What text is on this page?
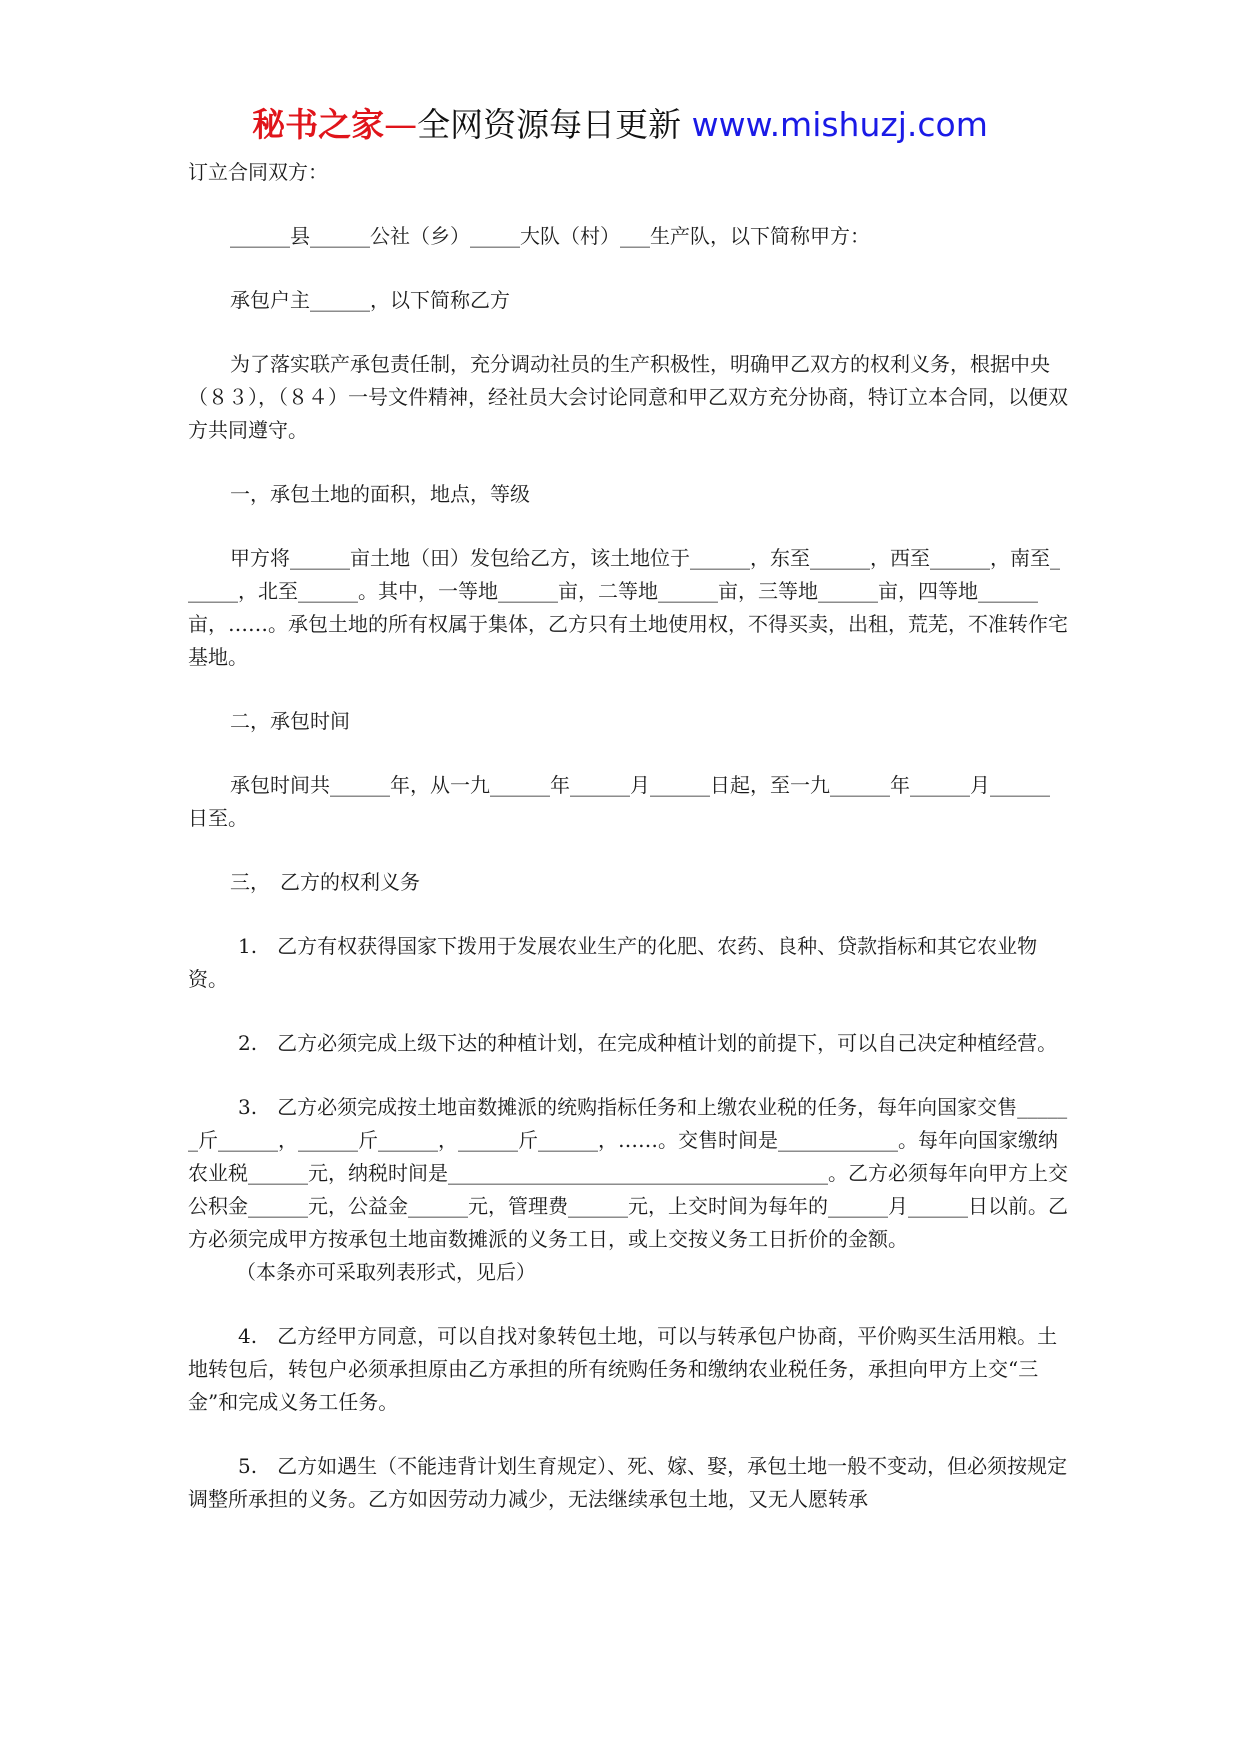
秘书之家—全网资源每日更新 www.mishuzj.com

订立合同双方：

______县______公社（乡）_____大队（村）___生产队，以下简称甲方：

承包户主______，以下简称乙方

为了落实联产承包责任制，充分调动社员的生产积极性，明确甲乙双方的权利义务，根据中央（８３），（８４）一号文件精神，经社员大会讨论同意和甲乙双方充分协商，特订立本合同，以便双方共同遵守。

一，承包土地的面积，地点，等级

甲方将______亩土地（田）发包给乙方，该土地位于______，东至______，西至______，南至______，北至______。其中，一等地______亩，二等地______亩，三等地______亩，四等地______亩，……。承包土地的所有权属于集体，乙方只有土地使用权，不得买卖，出租，荒芜，不准转作宅基地。

二，承包时间

承包时间共______年，从一九______年______月______日起，至一九______年______月______日至。

三，　乙方的权利义务

1.　乙方有权获得国家下拨用于发展农业生产的化肥、农药、良种、贷款指标和其它农业物资。

2.　乙方必须完成上级下达的种植计划，在完成种植计划的前提下，可以自己决定种植经营。

3.　乙方必须完成按土地亩数摊派的统购指标任务和上缴农业税的任务，每年向国家交售______斤______，______斤______，______斤______，……。交售时间是____________。每年向国家缴纳农业税______元，纳税时间是______________________________________。乙方必须每年向甲方上交公积金______元，公益金______元，管理费______元，上交时间为每年的______月______日以前。乙方必须完成甲方按承包土地亩数摊派的义务工日，或上交按义务工日折价的金额。

（本条亦可采取列表形式，见后）

4.　乙方经甲方同意，可以自找对象转包土地，可以与转承包户协商，平价购买生活用粮。土地转包后，转包户必须承担原由乙方承担的所有统购任务和缴纳农业税任务，承担向甲方上交“三金”和完成义务工任务。

5.　乙方如遇生（不能违背计划生育规定）、死、嫁、娶，承包土地一般不变动，但必须按规定调整所承担的义务。乙方如因劳动力减少，无法继续承包土地，又无人愿转承
